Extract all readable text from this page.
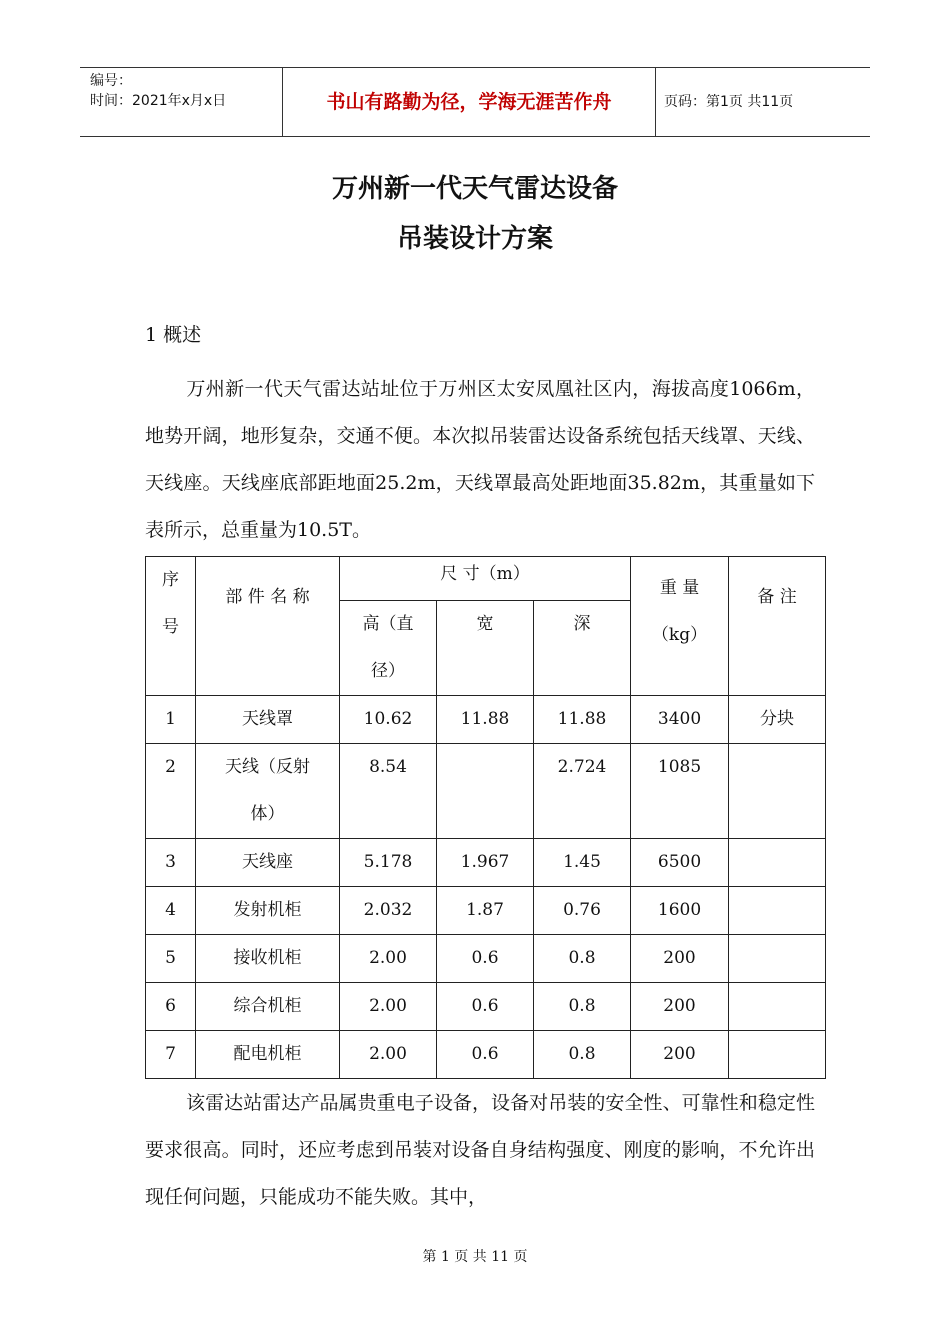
编号：
时间：2021年x月x日	书山有路勤为径，学海无涯苦作舟	页码：第1页 共11页
万州新一代天气雷达设备
吊装设计方案
1 概述
万州新一代天气雷达站址位于万州区太安凤凰社区内，海拔高度1066m，地势开阔，地形复杂，交通不便。本次拟吊装雷达设备系统包括天线罩、天线、天线座。天线座底部距地面25.2m，天线罩最高处距地面35.82m，其重量如下表所示，总重量为10.5T。
序号	部 件 名 称	尺 寸（m）			重 量（kg）	备 注
		高（直径）	宽	深		
1	天线罩	10.62	11.88	11.88	3400	分块
2	天线（反射体）	8.54		2.724	1085	
3	天线座	5.178	1.967	1.45	6500	
4	发射机柜	2.032	1.87	0.76	1600	
5	接收机柜	2.00	0.6	0.8	200	
6	综合机柜	2.00	0.6	0.8	200	
7	配电机柜	2.00	0.6	0.8	200	
该雷达站雷达产品属贵重电子设备，设备对吊装的安全性、可靠性和稳定性要求很高。同时，还应考虑到吊装对设备自身结构强度、刚度的影响，不允许出现任何问题，只能成功不能失败。其中，
第 1 页 共 11 页
